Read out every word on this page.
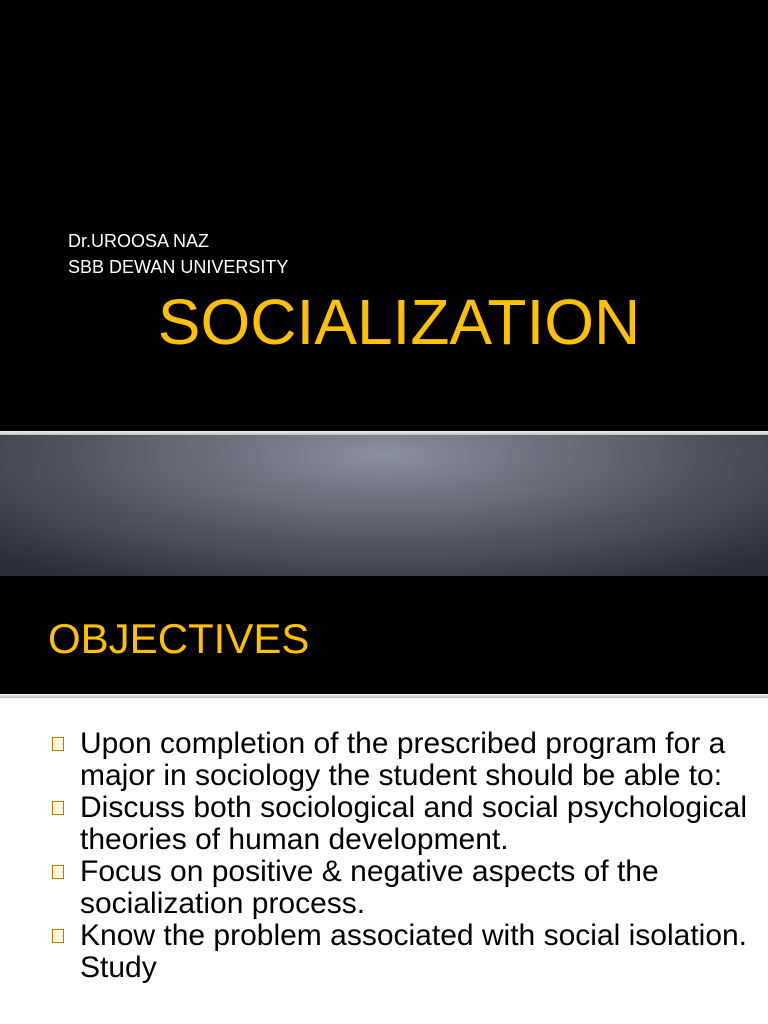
Dr.UROOSA NAZ
SBB DEWAN UNIVERSITY
SOCIALIZATION
OBJECTIVES
Upon completion of the prescribed program for a major in sociology the student should be able to:
Discuss both sociological and social psychological theories of human development.
Focus on positive & negative aspects of the socialization process.
Know the problem associated with social isolation. Study
